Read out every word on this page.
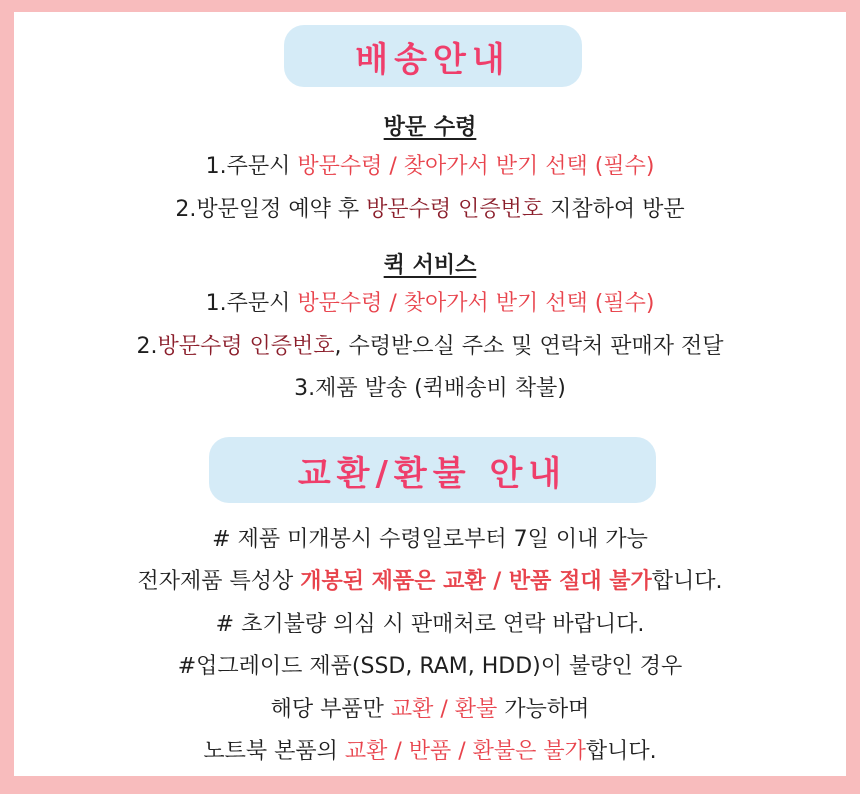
배송안내
방문 수령
1.주문시 방문수령 / 찾아가서 받기 선택 (필수)
2.방문일정 예약 후 방문수령 인증번호 지참하여 방문
퀵 서비스
1.주문시 방문수령 / 찾아가서 받기 선택 (필수)
2.방문수령 인증번호, 수령받으실 주소 및 연락처 판매자 전달
3.제품 발송 (퀵배송비 착불)
교환/환불 안내
# 제품 미개봉시 수령일로부터 7일 이내 가능
전자제품 특성상 개봉된 제품은 교환 / 반품 절대 불가합니다.
# 초기불량 의심 시 판매처로 연락 바랍니다.
#업그레이드 제품(SSD, RAM, HDD)이 불량인 경우
해당 부품만 교환 / 환불 가능하며
노트북 본품의 교환 / 반품 / 환불은 불가합니다.
